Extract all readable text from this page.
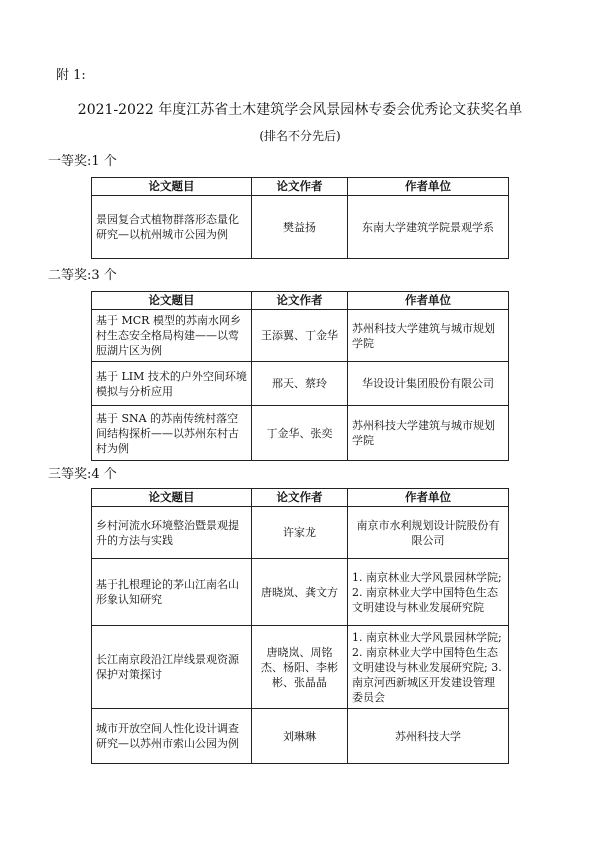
附 1:
2021-2022 年度江苏省土木建筑学会风景园林专委会优秀论文获奖名单
(排名不分先后)
一等奖:1 个
论文题目	论文作者	作者单位
景园复合式植物群落形态量化研究—以杭州城市公园为例	樊益扬	东南大学建筑学院景观学系
二等奖:3 个
论文题目	论文作者	作者单位
基于 MCR 模型的苏南水网乡村生态安全格局构建——以莺脰湖片区为例	王添翼、丁金华	苏州科技大学建筑与城市规划学院
基于 LIM 技术的户外空间环境模拟与分析应用	邢天、蔡玲	华设设计集团股份有限公司
基于 SNA 的苏南传统村落空间结构探析——以苏州东村古村为例	丁金华、张奕	苏州科技大学建筑与城市规划学院
三等奖:4 个
论文题目	论文作者	作者单位
乡村河流水环境整治暨景观提升的方法与实践	许家龙	南京市水利规划设计院股份有限公司
基于扎根理论的茅山江南名山形象认知研究	唐晓岚、龚文方	1. 南京林业大学风景园林学院; 2. 南京林业大学中国特色生态文明建设与林业发展研究院
长江南京段沿江岸线景观资源保护对策探讨	唐晓岚、周铭杰、杨阳、李彬彬、张晶晶	1. 南京林业大学风景园林学院; 2. 南京林业大学中国特色生态文明建设与林业发展研究院; 3. 南京河西新城区开发建设管理委员会
城市开放空间人性化设计调查研究—以苏州市索山公园为例	刘琳琳	苏州科技大学
